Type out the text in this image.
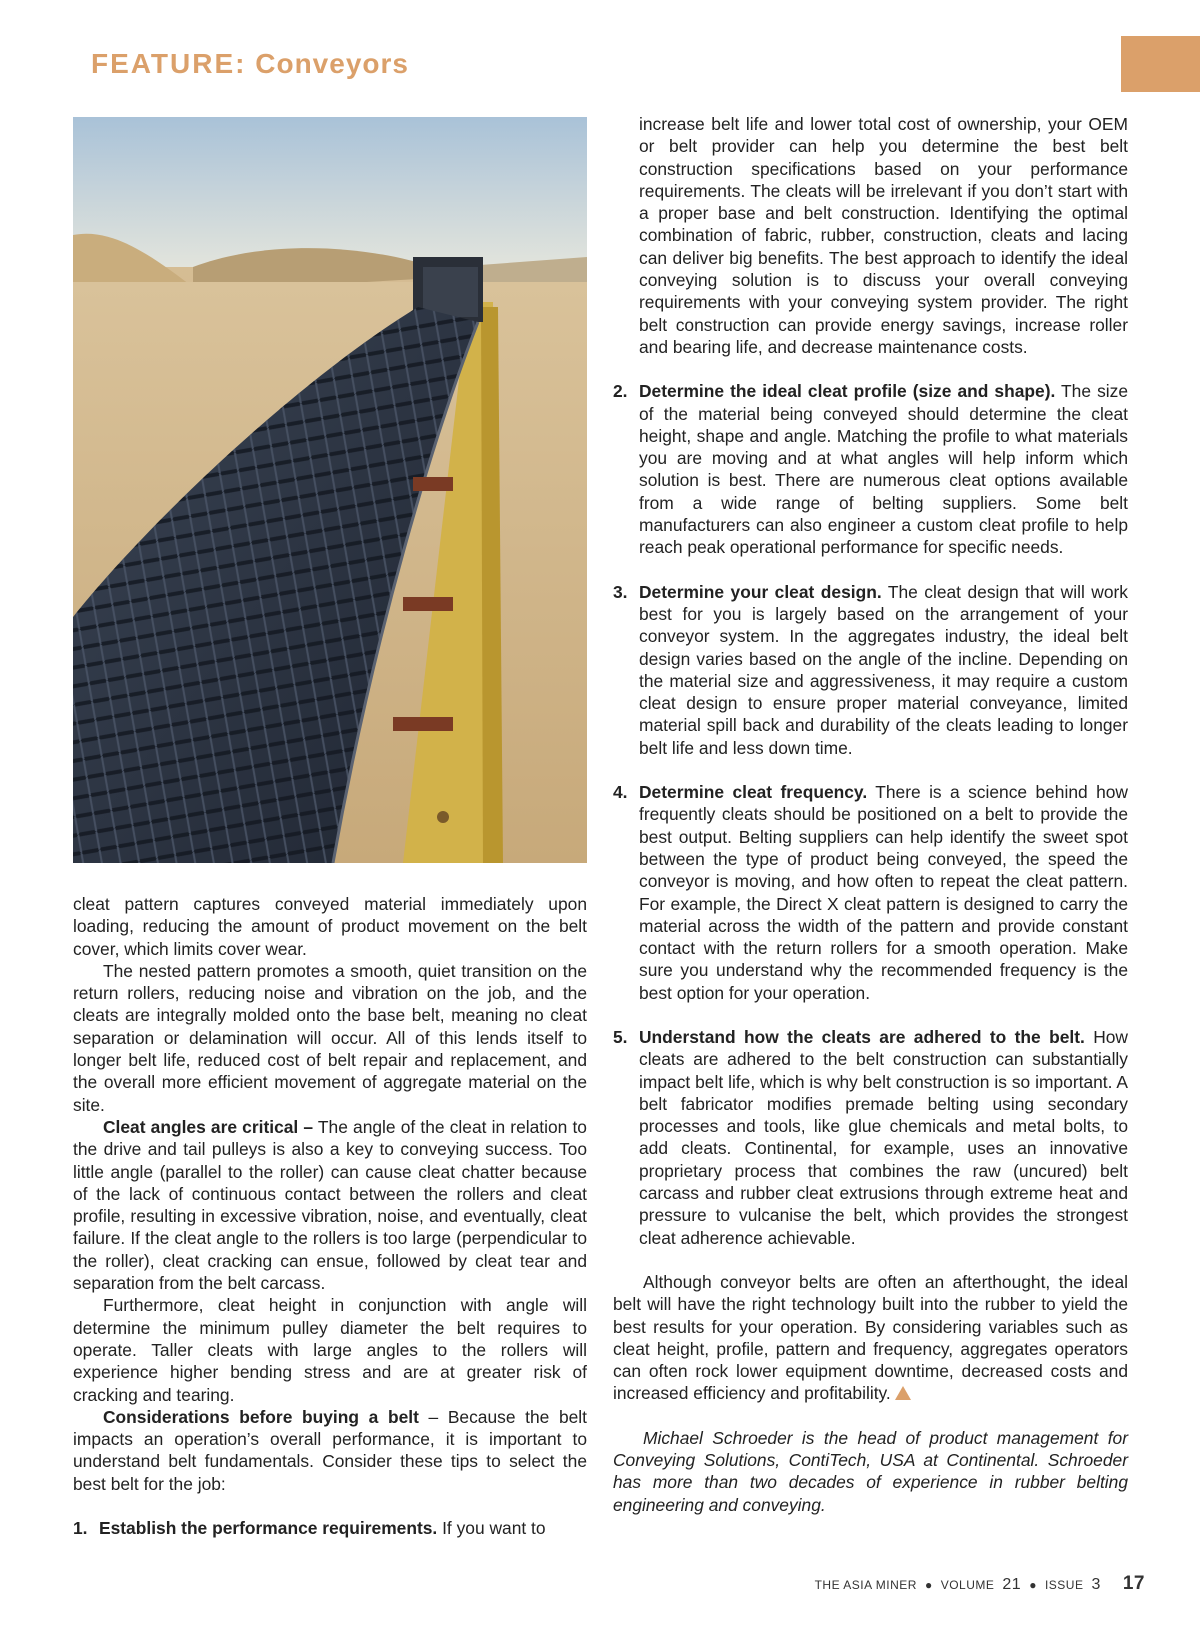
FEATURE: Conveyors

cleat pattern captures conveyed material immediately upon loading, reducing the amount of product movement on the belt cover, which limits cover wear.

The nested pattern promotes a smooth, quiet transition on the return rollers, reducing noise and vibration on the job, and the cleats are integrally molded onto the base belt, meaning no cleat separation or delamination will occur. All of this lends itself to longer belt life, reduced cost of belt repair and replacement, and the overall more efficient movement of aggregate material on the site.

Cleat angles are critical – The angle of the cleat in relation to the drive and tail pulleys is also a key to conveying success. Too little angle (parallel to the roller) can cause cleat chatter because of the lack of continuous contact between the rollers and cleat profile, resulting in excessive vibration, noise, and eventually, cleat failure. If the cleat angle to the rollers is too large (perpendicular to the roller), cleat cracking can ensue, followed by cleat tear and separation from the belt carcass.

Furthermore, cleat height in conjunction with angle will determine the minimum pulley diameter the belt requires to operate. Taller cleats with large angles to the rollers will experience higher bending stress and are at greater risk of cracking and tearing.

Considerations before buying a belt – Because the belt impacts an operation’s overall performance, it is important to understand belt fundamentals. Consider these tips to select the best belt for the job:

1. Establish the performance requirements. If you want to

increase belt life and lower total cost of ownership, your OEM or belt provider can help you determine the best belt construction specifications based on your performance requirements. The cleats will be irrelevant if you don’t start with a proper base and belt construction. Identifying the optimal combination of fabric, rubber, construction, cleats and lacing can deliver big benefits. The best approach to identify the ideal conveying solution is to discuss your overall conveying requirements with your conveying system provider. The right belt construction can provide energy savings, increase roller and bearing life, and decrease maintenance costs.

2. Determine the ideal cleat profile (size and shape). The size of the material being conveyed should determine the cleat height, shape and angle. Matching the profile to what materials you are moving and at what angles will help inform which solution is best. There are numerous cleat options available from a wide range of belting suppliers. Some belt manufacturers can also engineer a custom cleat profile to help reach peak operational performance for specific needs.
3. Determine your cleat design. The cleat design that will work best for you is largely based on the arrangement of your conveyor system. In the aggregates industry, the ideal belt design varies based on the angle of the incline. Depending on the material size and aggressiveness, it may require a custom cleat design to ensure proper material conveyance, limited material spill back and durability of the cleats leading to longer belt life and less down time.
4. Determine cleat frequency. There is a science behind how frequently cleats should be positioned on a belt to provide the best output. Belting suppliers can help identify the sweet spot between the type of product being conveyed, the speed the conveyor is moving, and how often to repeat the cleat pattern. For example, the Direct X cleat pattern is designed to carry the material across the width of the pattern and provide constant contact with the return rollers for a smooth operation. Make sure you understand why the recommended frequency is the best option for your operation.
5. Understand how the cleats are adhered to the belt. How cleats are adhered to the belt construction can substantially impact belt life, which is why belt construction is so important. A belt fabricator modifies premade belting using secondary processes and tools, like glue chemicals and metal bolts, to add cleats. Continental, for example, uses an innovative proprietary process that combines the raw (uncured) belt carcass and rubber cleat extrusions through extreme heat and pressure to vulcanise the belt, which provides the strongest cleat adherence achievable.

Although conveyor belts are often an afterthought, the ideal belt will have the right technology built into the rubber to yield the best results for your operation. By considering variables such as cleat height, profile, pattern and frequency, aggregates operators can often rock lower equipment downtime, decreased costs and increased efficiency and profitability.

Michael Schroeder is the head of product management for Conveying Solutions, ContiTech, USA at Continental. Schroeder has more than two decades of experience in rubber belting engineering and conveying.

THE ASIA MINER ● VOLUME 21 ● ISSUE 3 17
